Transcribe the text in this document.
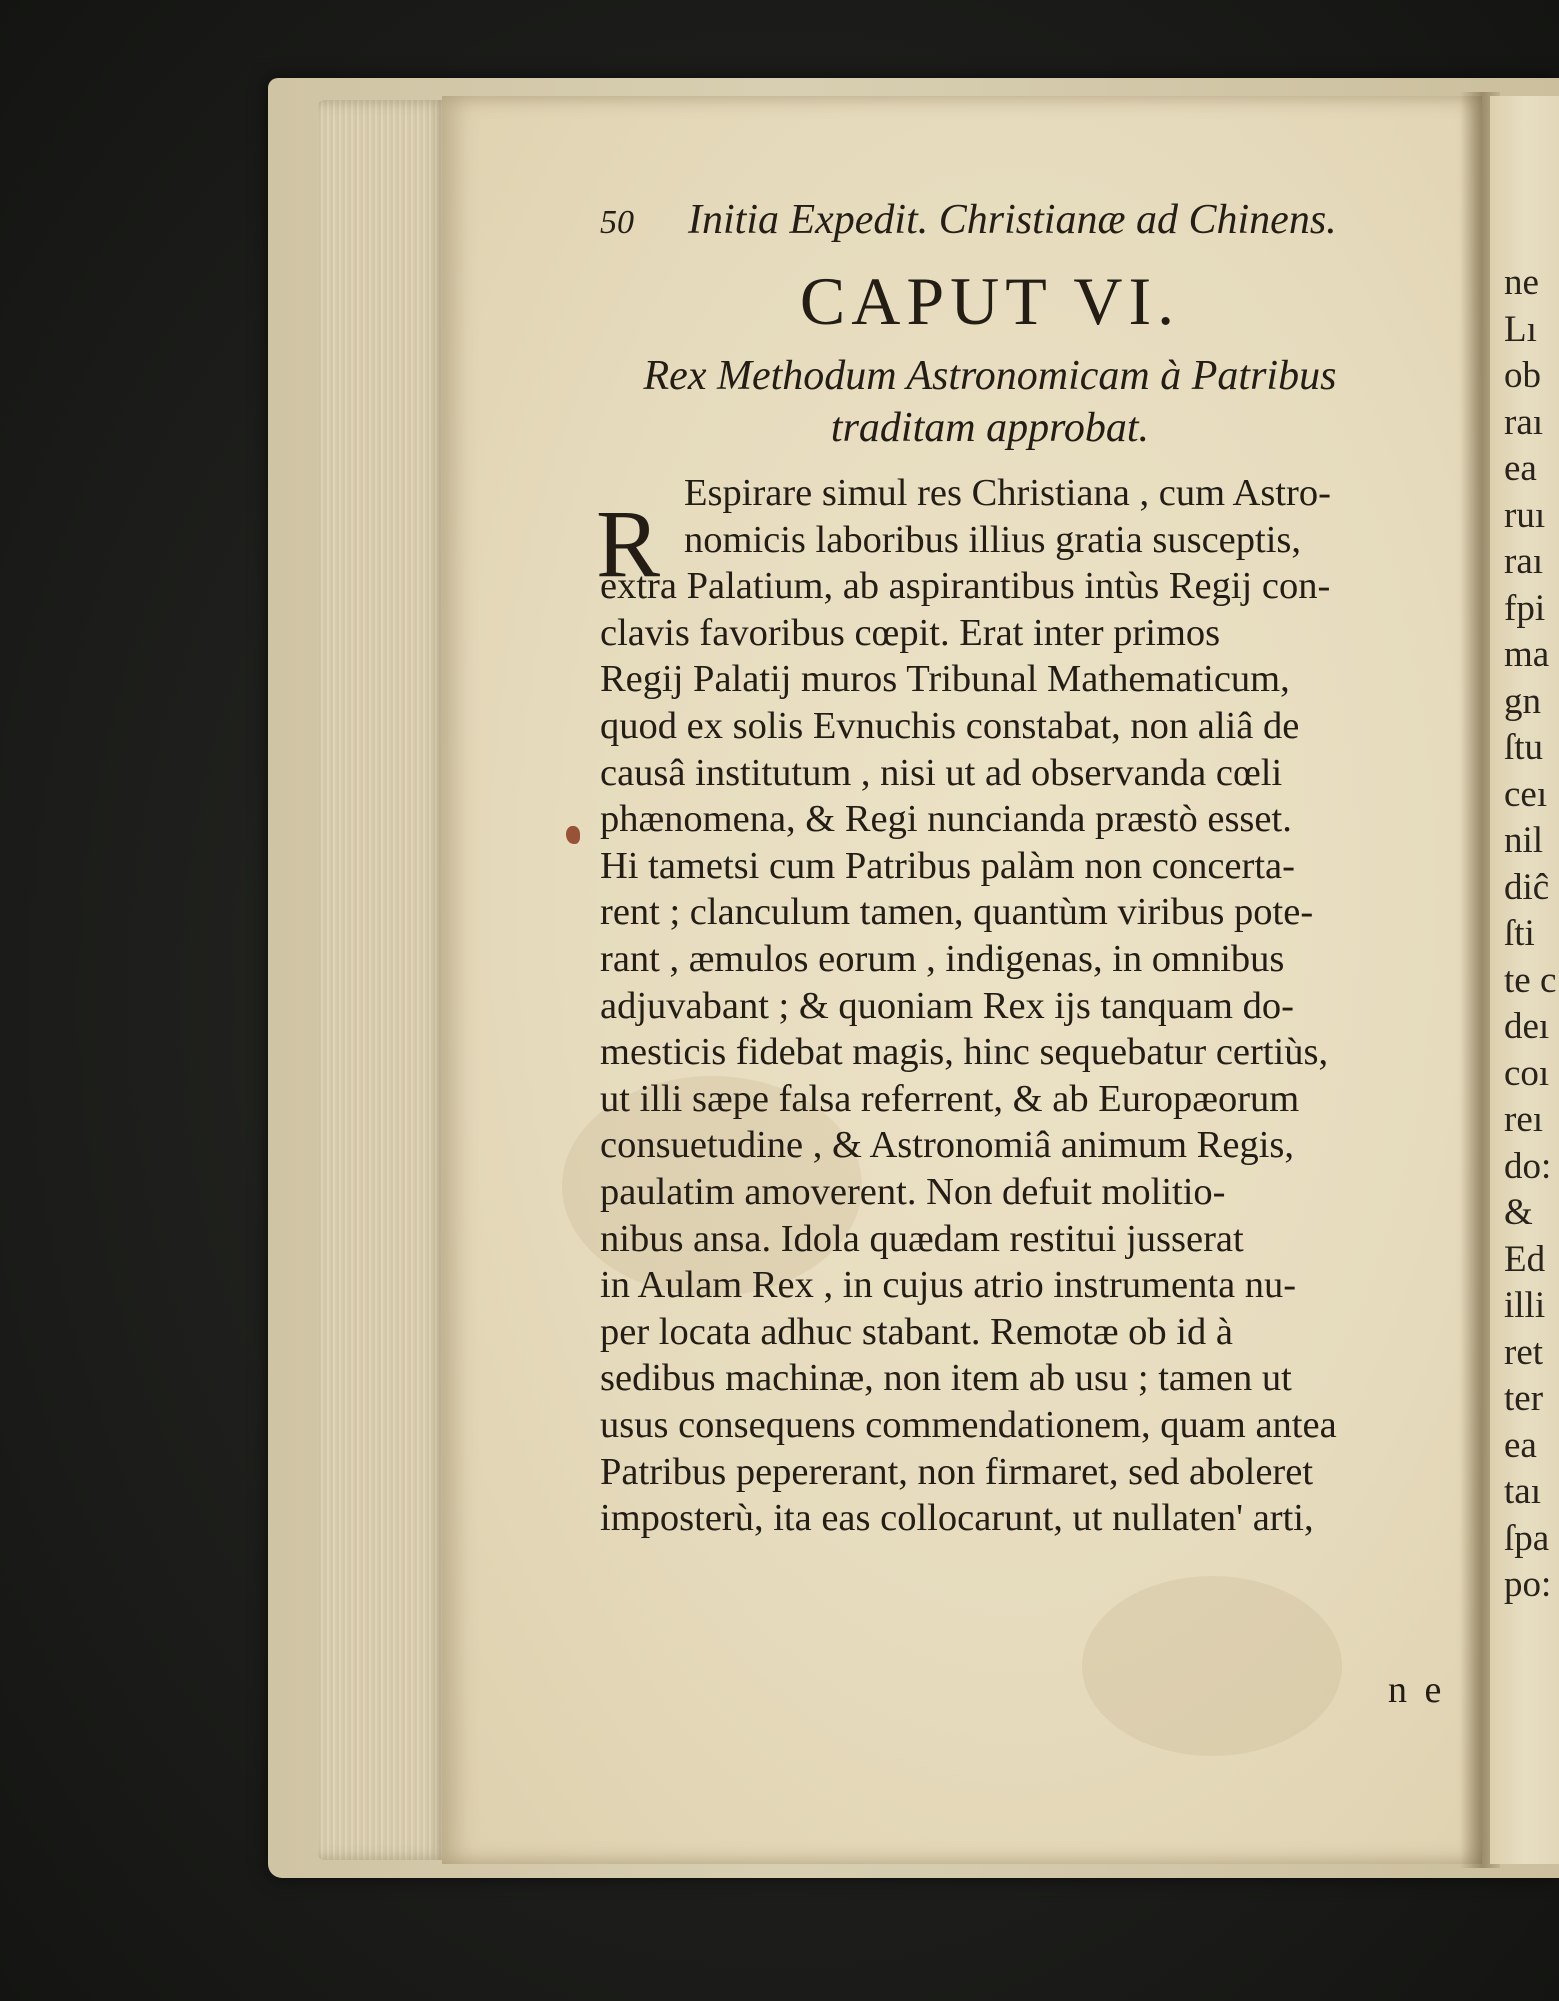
ne
Lı
ob
raı
ea
ruı
raı
fpi
ma
gn
ſtu
ceı
nil
diĉ
ſti
te c
deı
coı
reı
do:
&
Ed
illi
ret
ter
ea
taı
ſpa
po:
50 Initia Expedit. Christianæ ad Chinens.
CAPUT VI.
Rex Methodum Astronomicam à Patribus
traditam approbat.
R Espirare simul res Christiana , cum Astro-
nomicis laboribus illius gratia susceptis,
extra Palatium, ab aspirantibus intùs Regij con-
clavis favoribus cœpit. Erat inter primos
Regij Palatij muros Tribunal Mathematicum,
quod ex solis Evnuchis constabat, non aliâ de
causâ institutum , nisi ut ad observanda cœli
phænomena, & Regi nuncianda præstò esset.
Hi tametsi cum Patribus palàm non concerta-
rent ; clanculum tamen, quantùm viribus pote-
rant , æmulos eorum , indigenas, in omnibus
adjuvabant ; & quoniam Rex ijs tanquam do-
mesticis fidebat magis, hinc sequebatur certiùs,
ut illi sæpe falsa referrent, & ab Europæorum
consuetudine , & Astronomiâ animum Regis,
paulatim amoverent. Non defuit molitio-
nibus ansa. Idola quædam restitui jusserat
in Aulam Rex , in cujus atrio instrumenta nu-
per locata adhuc stabant. Remotæ ob id à
sedibus machinæ, non item ab usu ; tamen ut
usus consequens commendationem, quam antea
Patribus pepererant, non firmaret, sed aboleret
imposterù, ita eas collocarunt, ut nullaten' arti,
n e
